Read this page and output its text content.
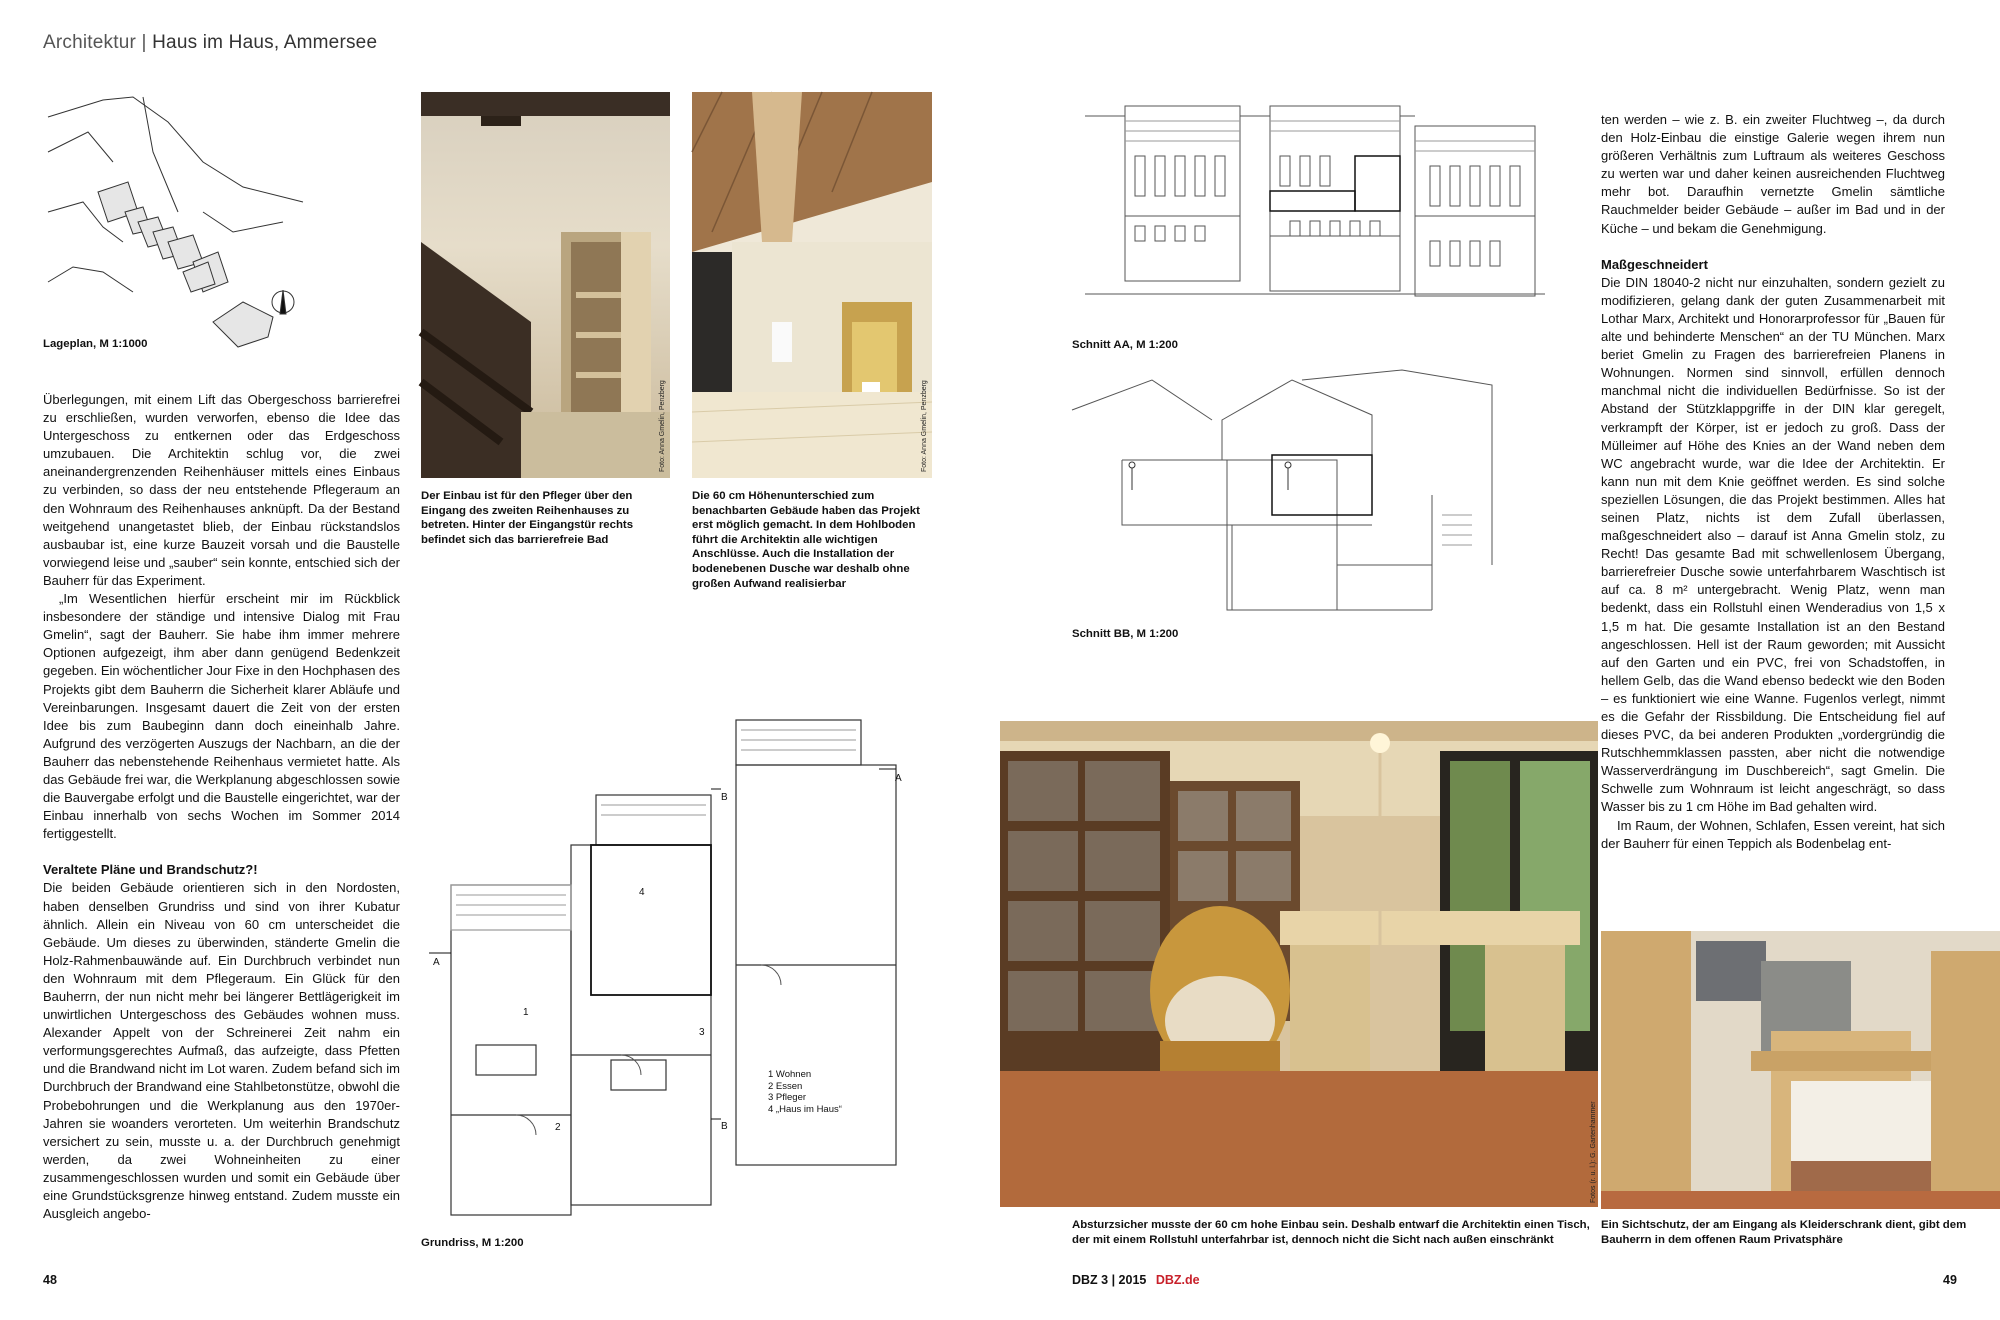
Architektur | Haus im Haus, Ammersee
Lageplan, M 1:1000
Foto: Anna Gmelin, Penzberg
Der Einbau ist für den Pfleger über den Eingang des zweiten Reihenhauses zu betreten. Hinter der Eingangstür rechts befindet sich das barrierefreie Bad
Foto: Anna Gmelin, Penzberg
Die 60 cm Höhenunterschied zum benachbarten Gebäude haben das Projekt erst möglich gemacht. In dem Hohlboden führt die Architektin alle wichtigen Anschlüsse. Auch die Installation der bodenebenen Dusche war deshalb ohne großen Aufwand realisierbar
Schnitt AA, M 1:200
Schnitt BB, M 1:200
1
2
3
4
A
A
B
B
1 Wohnen
2 Essen
3 Pfleger
4 „Haus im Haus“
Grundriss, M 1:200
Absturzsicher musste der 60 cm hohe Einbau sein. Deshalb entwarf die Architektin einen Tisch, der mit einem Rollstuhl unterfahrbar ist, dennoch nicht die Sicht nach außen einschränkt
Fotos (r. u. l.): G. Gartenhammer
Ein Sichtschutz, der am Eingang als Kleiderschrank dient, gibt dem Bauherrn in dem offenen Raum Privatsphäre

Überlegungen, mit einem Lift das Obergeschoss barrierefrei zu erschließen, wurden verworfen, ebenso die Idee das Untergeschoss zu entkernen oder das Erdgeschoss umzubauen. Die Architektin schlug vor, die zwei aneinandergrenzenden Reihenhäuser mittels eines Einbaus zu verbinden, so dass der neu entstehende Pflegeraum an den Wohnraum des Reihenhauses anknüpft. Da der Bestand weitgehend unangetastet blieb, der Einbau rückstandslos ausbaubar ist, eine kurze Bauzeit vorsah und die Baustelle vorwiegend leise und „sauber“ sein konnte, entschied sich der Bauherr für das Experiment.

„Im Wesentlichen hierfür erscheint mir im Rückblick insbesondere der ständige und intensive Dialog mit Frau Gmelin“, sagt der Bauherr. Sie habe ihm immer mehrere Optionen aufgezeigt, ihm aber dann genügend Bedenkzeit gegeben. Ein wöchentlicher Jour Fixe in den Hochphasen des Projekts gibt dem Bauherrn die Sicherheit klarer Abläufe und Vereinbarungen. Insgesamt dauert die Zeit von der ersten Idee bis zum Baubeginn dann doch eineinhalb Jahre. Aufgrund des verzögerten Auszugs der Nachbarn, an die der Bauherr das nebenstehende Reihenhaus vermietet hatte. Als das Gebäude frei war, die Werkplanung abgeschlossen sowie die Bauvergabe erfolgt und die Baustelle eingerichtet, war der Einbau innerhalb von sechs Wochen im Sommer 2014 fertiggestellt.

Veraltete Pläne und Brandschutz?!

Die beiden Gebäude orientieren sich in den Nordosten, haben denselben Grundriss und sind von ihrer Kubatur ähnlich. Allein ein Niveau von 60 cm unterscheidet die Gebäude. Um dieses zu überwinden, ständerte Gmelin die Holz-Rahmenbauwände auf. Ein Durchbruch verbindet nun den Wohnraum mit dem Pflegeraum. Ein Glück für den Bauherrn, der nun nicht mehr bei längerer Bettlägerigkeit im unwirtlichen Untergeschoss des Gebäudes wohnen muss. Alexander Appelt von der Schreinerei Zeit nahm ein verformungsgerechtes Aufmaß, das aufzeigte, dass Pfetten und die Brandwand nicht im Lot waren. Zudem befand sich im Durchbruch der Brandwand eine Stahlbetonstütze, obwohl die Probebohrungen und die Werkplanung aus den 1970er-Jahren sie woanders verorteten. Um weiterhin Brandschutz versichert zu sein, musste u. a. der Durchbruch genehmigt werden, da zwei Wohneinheiten zu einer zusammengeschlossen wurden und somit ein Gebäude über eine Grundstücksgrenze hinweg entstand. Zudem musste ein Ausgleich angebo-

ten werden – wie z. B. ein zweiter Fluchtweg –, da durch den Holz-Einbau die einstige Galerie wegen ihrem nun größeren Verhältnis zum Luftraum als weiteres Geschoss zu werten war und daher keinen ausreichenden Fluchtweg mehr bot. Daraufhin vernetzte Gmelin sämtliche Rauchmelder beider Gebäude – außer im Bad und in der Küche – und bekam die Genehmigung.

Maßgeschneidert

Die DIN 18040-2 nicht nur einzuhalten, sondern gezielt zu modifizieren, gelang dank der guten Zusammenarbeit mit Lothar Marx, Architekt und Honorarprofessor für „Bauen für alte und behinderte Menschen“ an der TU München. Marx beriet Gmelin zu Fragen des barrierefreien Planens in Wohnungen. Normen sind sinnvoll, erfüllen dennoch manchmal nicht die individuellen Bedürfnisse. So ist der Abstand der Stützklappgriffe in der DIN klar geregelt, verkrampft der Körper, ist er jedoch zu groß. Dass der Mülleimer auf Höhe des Knies an der Wand neben dem WC angebracht wurde, war die Idee der Architektin. Er kann nun mit dem Knie geöffnet werden. Es sind solche speziellen Lösungen, die das Projekt bestimmen. Alles hat seinen Platz, nichts ist dem Zufall überlassen, maßgeschneidert also – darauf ist Anna Gmelin stolz, zu Recht! Das gesamte Bad mit schwellenlosem Übergang, barrierefreier Dusche sowie unterfahrbarem Waschtisch ist auf ca. 8 m² untergebracht. Wenig Platz, wenn man bedenkt, dass ein Rollstuhl einen Wenderadius von 1,5 x 1,5 m hat. Die gesamte Installation ist an den Bestand angeschlossen. Hell ist der Raum geworden; mit Aussicht auf den Garten und ein PVC, frei von Schadstoffen, in hellem Gelb, das die Wand ebenso bedeckt wie den Boden – es funktioniert wie eine Wanne. Fugenlos verlegt, nimmt es die Gefahr der Rissbildung. Die Entscheidung fiel auf dieses PVC, da bei anderen Produkten „vordergründig die Rutschhemmklassen passten, aber nicht die notwendige Wasserverdrängung im Duschbereich“, sagt Gmelin. Die Schwelle zum Wohnraum ist leicht angeschrägt, so dass Wasser bis zu 1 cm Höhe im Bad gehalten wird.

Im Raum, der Wohnen, Schlafen, Essen vereint, hat sich der Bauherr für einen Teppich als Bodenbelag ent-

48	DBZ 3 | 2015 DBZ.de	49
